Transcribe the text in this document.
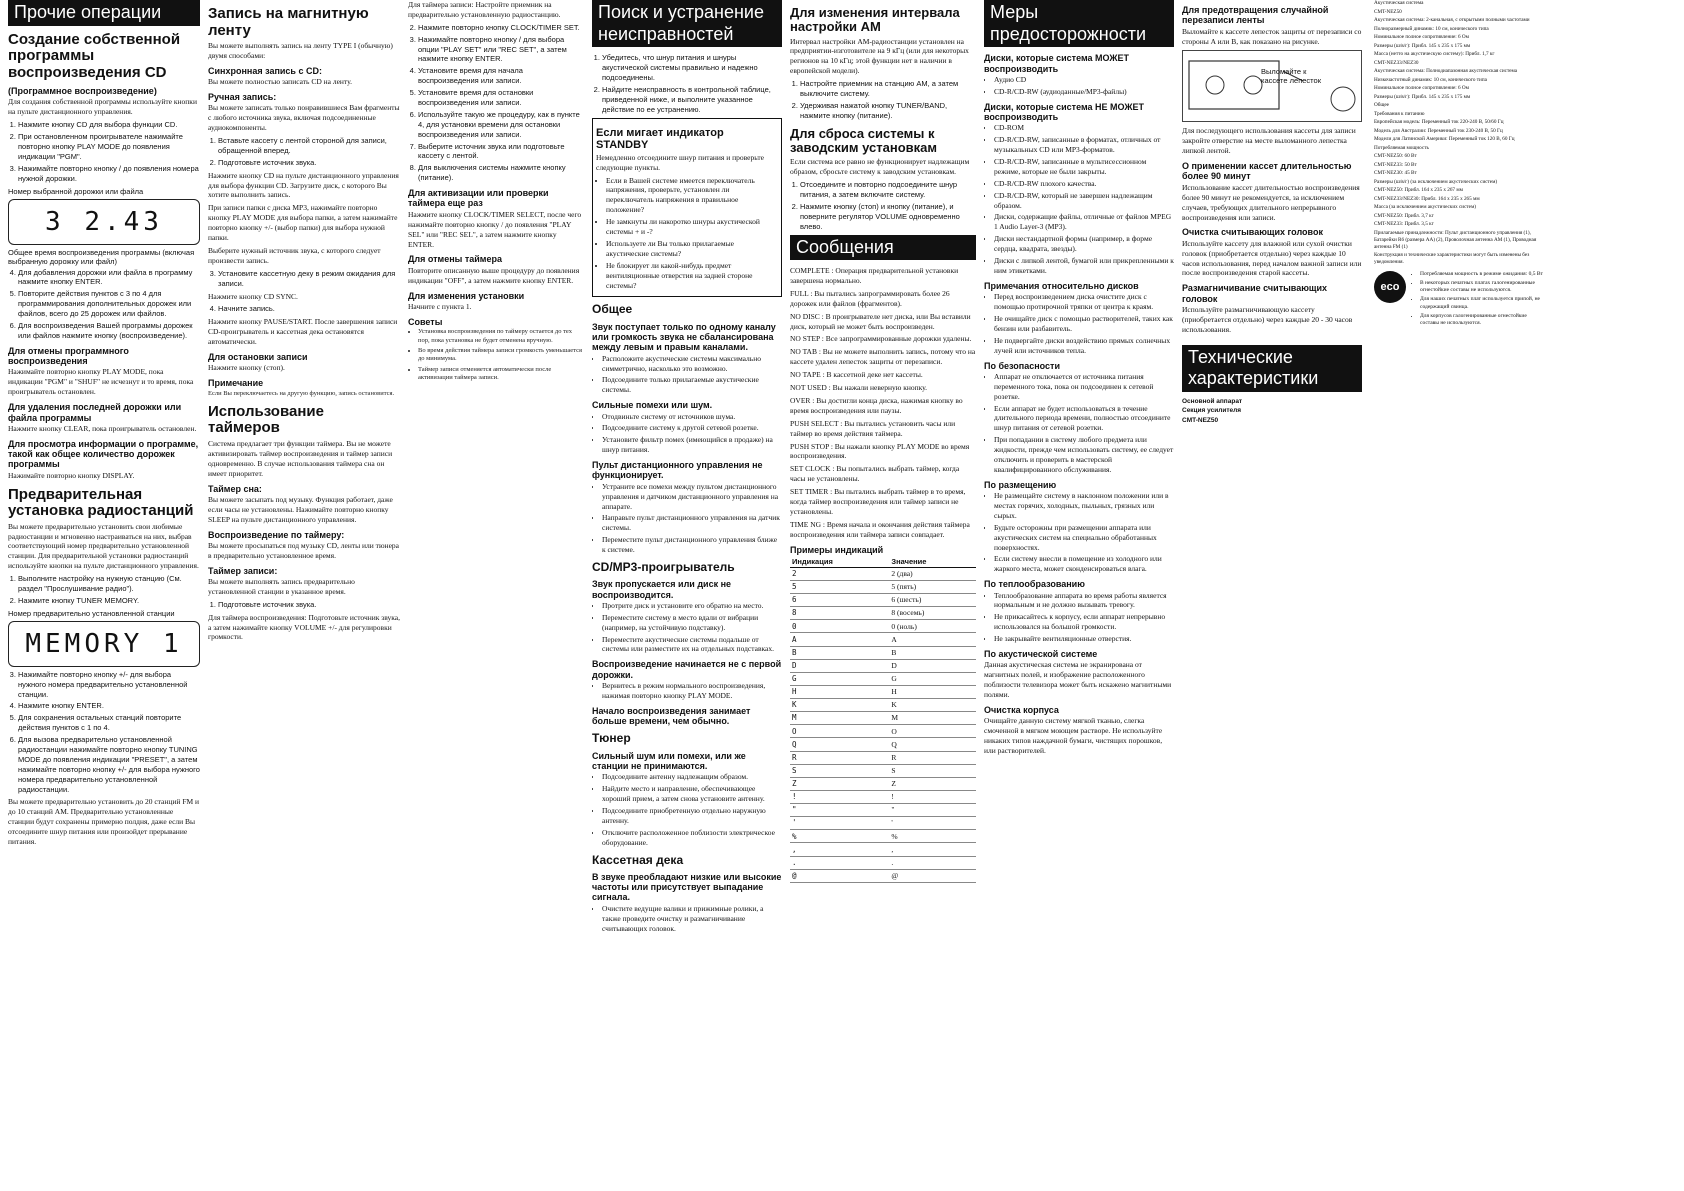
Прочие операции
Создание собственной программы воспроизведения CD
(Программное воспроизведение)

Для создания собственной программы используйте кнопки на пульте дистанционного управления.

1. Нажмите кнопку CD для выбора функции CD.
2. При остановленном проигрывателе нажимайте повторно кнопку PLAY MODE до появления индикации "PGM".
3. Нажимайте повторно кнопку / до появления номера нужной дорожки.
Номер выбранной дорожки или файла
3 2.43
Общее время воспроизведения программы (включая выбранную дорожку или файл)
4. Для добавления дорожки или файла в программу нажмите кнопку ENTER.
5. Повторите действия пунктов с 3 по 4 для программирования дополнительных дорожек или файлов, всего до 25 дорожек или файлов.
6. Для воспроизведения Вашей программы дорожек или файлов нажмите кнопку (воспроизведение).
Для отмены программного воспроизведения

Нажимайте повторно кнопку PLAY MODE, пока индикации "PGM" и "SHUF" не исчезнут и то время, пока проигрыватель остановлен.

Для удаления последней дорожки или файла программы

Нажмите кнопку CLEAR, пока проигрыватель остановлен.

Для просмотра информации о программе, такой как общее количество дорожек программы

Нажимайте повторно кнопку DISPLAY.

Предварительная установка радиостанций

Вы можете предварительно установить свои любимые радиостанции и мгновенно настраиваться на них, выбрав соответствующий номер предварительно установленной станции. Для предварительной установки радиостанций используйте кнопки на пульте дистанционного управления.

1. Выполните настройку на нужную станцию (См. раздел "Прослушивание радио").
2. Нажмите кнопку TUNER MEMORY.
Номер предварительно установленной станции
MEMORY 1
3. Нажимайте повторно кнопку +/- для выбора нужного номера предварительно установленной станции.
4. Нажмите кнопку ENTER.
5. Для сохранения остальных станций повторите действия пунктов с 1 по 4.
6. Для вызова предварительно установленной радиостанции нажимайте повторно кнопку TUNING MODE до появления индикации "PRESET", а затем нажимайте повторно кнопку +/- для выбора нужного номера предварительно установленной радиостанции.

Вы можете предварительно установить до 20 станций FM и до 10 станций AM. Предварительно установленные станции будут сохранены примерно полдня, даже если Вы отсоедините шнур питания или произойдет прерывание питания.

Запись на магнитную ленту

Вы можете выполнять запись на ленту TYPE I (обычную) двумя способами:

Синхронная запись с CD:

Вы можете полностью записать CD на ленту.

Ручная запись:

Вы можете записать только понравившиеся Вам фрагменты с любого источника звука, включая подсоединенные аудиокомпоненты.

1. Вставьте кассету с лентой стороной для записи, обращенной вперед.
2. Подготовьте источник звука.

Нажмите кнопку CD на пульте дистанционного управления для выбора функции CD. Загрузите диск, с которого Вы хотите выполнить запись.

При записи папки с диска MP3, нажимайте повторно кнопку PLAY MODE для выбора папки, а затем нажимайте повторно кнопку +/- (выбор папки) для выбора нужной папки.

Выберите нужный источник звука, с которого следует произвести запись.

3. Установите кассетную деку в режим ожидания для записи.

Нажмите кнопку CD SYNC.

4. Начните запись.

Нажмите кнопку PAUSE/START. После завершения записи CD-проигрыватель и кассетная дека остановятся автоматически.

Для остановки записи

Нажмите кнопку (стоп).

Примечание

Если Вы переключаетесь на другую функцию, запись остановится.

Использование таймеров

Система предлагает три функции таймера. Вы не можете активизировать таймер воспроизведения и таймер записи одновременно. В случае использования таймера сна он имеет приоритет.

Таймер сна:

Вы можете засыпать под музыку. Функция работает, даже если часы не установлены. Нажимайте повторно кнопку SLEEP на пульте дистанционного управления.

Воспроизведение по таймеру:

Вы можете просыпаться под музыку CD, ленты или тюнера в предварительно установленное время.

Таймер записи:

Вы можете выполнять запись предварительно установленной станции в указанное время.

1. Подготовьте источник звука.

Для таймера воспроизведения: Подготовьте источник звука, а затем нажимайте кнопку VOLUME +/- для регулировки громкости.

Для таймера записи: Настройте приемник на предварительно установленную радиостанцию.

2. Нажмите повторно кнопку CLOCK/TIMER SET.
3. Нажимайте повторно кнопку / для выбора опции "PLAY SET" или "REC SET", а затем нажмите кнопку ENTER.
4. Установите время для начала воспроизведения или записи.
5. Установите время для остановки воспроизведения или записи.
6. Используйте такую же процедуру, как в пункте 4, для установки времени для остановки воспроизведения или записи.
7. Выберите источник звука или подготовьте кассету с лентой.
8. Для выключения системы нажмите кнопку (питание).
Для активизации или проверки таймера еще раз

Нажмите кнопку CLOCK/TIMER SELECT, после чего нажимайте повторно кнопку / до появления "PLAY SEL" или "REC SEL", а затем нажмите кнопку ENTER.

Для отмены таймера

Повторите описанную выше процедуру до появления индикации "OFF", а затем нажмите кнопку ENTER.

Для изменения установки

Начните с пункта 1.

Советы
• Установка воспроизведения по таймеру остается до тех пор, пока установка не будет отменена вручную.
• Во время действия таймера записи громкость уменьшается до минимума.
• Таймер записи отменяется автоматически после активизации таймера записи.
Поиск и устранение неисправностей
1. Убедитесь, что шнур питания и шнуры акустической системы правильно и надежно подсоединены.
2. Найдите неисправность в контрольной таблице, приведенной ниже, и выполните указанное действие по ее устранению.
Если мигает индикатор STANDBY

Немедленно отсоедините шнур питания и проверьте следующие пункты.

• Если в Вашей системе имеется переключатель напряжения, проверьте, установлен ли переключатель напряжения в правильное положение?
• Не замкнуты ли накоротко шнуры акустической системы + и -?
• Используете ли Вы только прилагаемые акустические системы?
• Не блокирует ли какой-нибудь предмет вентиляционные отверстия на задней стороне системы?
Общее
Звук поступает только по одному каналу или громкость звука не сбалансирована между левым и правым каналами.
• Расположите акустические системы максимально симметрично, насколько это возможно.
• Подсоедините только прилагаемые акустические системы.
Сильные помехи или шум.
• Отодвиньте систему от источников шума.
• Подсоедините систему к другой сетевой розетке.
• Установите фильтр помех (имеющийся в продаже) на шнур питания.
Пульт дистанционного управления не функционирует.
• Устраните все помехи между пультом дистанционного управления и датчиком дистанционного управления на аппарате.
• Направьте пульт дистанционного управления на датчик системы.
• Переместите пульт дистанционного управления ближе к системе.
CD/MP3-проигрыватель
Звук пропускается или диск не воспроизводится.
• Протрите диск и установите его обратно на место.
• Переместите систему в место вдали от вибрации (например, на устойчивую подставку).
• Переместите акустические системы подальше от системы или разместите их на отдельных подставках.
Воспроизведение начинается не с первой дорожки.
• Вернитесь в режим нормального воспроизведения, нажимая повторно кнопку PLAY MODE.
Начало воспроизведения занимает больше времени, чем обычно.
Тюнер
Сильный шум или помехи, или же станции не принимаются.
• Подсоедините антенну надлежащим образом.
• Найдите место и направление, обеспечивающее хороший прием, а затем снова установите антенну.
• Подсоедините приобретенную отдельно наружную антенну.
• Отключите расположенное поблизости электрическое оборудование.
Кассетная дека
В звуке преобладают низкие или высокие частоты или присутствует выпадание сигнала.
• Очистите ведущие валики и прижимные ролики, а также проведите очистку и размагничивание считывающих головок.
Для изменения интервала настройки AM

Интервал настройки AM-радиостанции установлен на предприятии-изготовителе на 9 кГц (или для некоторых регионов на 10 кГц; этой функции нет в наличии в европейской модели).

1. Настройте приемник на станцию AM, а затем выключите систему.
2. Удерживая нажатой кнопку TUNER/BAND, нажмите кнопку (питание).
Для сброса системы к заводским установкам

Если система все равно не функционирует надлежащим образом, сбросьте систему к заводским установкам.

1. Отсоедините и повторно подсоедините шнур питания, а затем включите систему.
2. Нажмите кнопку (стоп) и кнопку (питание), и поверните регулятор VOLUME одновременно влево.
Сообщения

COMPLETE : Операция предварительной установки завершена нормально.

FULL : Вы пытались запрограммировать более 26 дорожек или файлов (фрагментов).

NO DISC : В проигрывателе нет диска, или Вы вставили диск, который не может быть воспроизведен.

NO STEP : Все запрограммированные дорожки удалены.

NO TAB : Вы не можете выполнить запись, потому что на кассете удален лепесток защиты от перезаписи.

NO TAPE : В кассетной деке нет кассеты.

NOT USED : Вы нажали неверную кнопку.

OVER : Вы достигли конца диска, нажимая кнопку во время воспроизведения или паузы.

PUSH SELECT : Вы пытались установить часы или таймер во время действия таймера.

PUSH STOP : Вы нажали кнопку PLAY MODE во время воспроизведения.

SET CLOCK : Вы попытались выбрать таймер, когда часы не установлены.

SET TIMER : Вы пытались выбрать таймер в то время, когда таймер воспроизведения или таймер записи не установлены.

TIME NG : Время начала и окончания действия таймера воспроизведения или таймера записи совпадает.

Примеры индикаций
Индикация	Значение
2	2 (два)
5	5 (пять)
6	6 (шесть)
8	8 (восемь)
0	0 (ноль)
A	A
B	B
D	D
G	G
H	H
K	K
M	M
O	O
Q	Q
R	R
S	S
Z	Z
!	!
"	"
'	'
%	%
,	,
.	.
@	@
Меры предосторожности
Диски, которые система МОЖЕТ воспроизводить
• Аудио CD
• CD-R/CD-RW (аудиоданные/MP3-файлы)
Диски, которые система НЕ МОЖЕТ воспроизводить
• CD-ROM
• CD-R/CD-RW, записанные в форматах, отличных от музыкальных CD или MP3-форматов.
• CD-R/CD-RW, записанные в мультисессионном режиме, которые не были закрыты.
• CD-R/CD-RW плохого качества.
• CD-R/CD-RW, который не завершен надлежащим образом.
• Диски, содержащие файлы, отличные от файлов MPEG 1 Audio Layer-3 (MP3).
• Диски нестандартной формы (например, в форме сердца, квадрата, звезды).
• Диски с липкой лентой, бумагой или прикрепленными к ним этикетками.
Примечания относительно дисков
• Перед воспроизведением диска очистите диск с помощью протирочной тряпки от центра к краям.
• Не очищайте диск с помощью растворителей, таких как бензин или разбавитель.
• Не подвергайте диски воздействию прямых солнечных лучей или источников тепла.
По безопасности
• Аппарат не отключается от источника питания переменного тока, пока он подсоединен к сетевой розетке.
• Если аппарат не будет использоваться в течение длительного периода времени, полностью отсоедините шнур питания от сетевой розетки.
• При попадании в систему любого предмета или жидкости, прежде чем использовать систему, ее следует отключить и проверить в мастерской квалифицированного обслуживания.
По размещению
• Не размещайте систему в наклонном положении или в местах горячих, холодных, пыльных, грязных или сырых.
• Будьте осторожны при размещении аппарата или акустических систем на специально обработанных поверхностях.
• Если систему внесли в помещение из холодного или жаркого места, может сконденсироваться влага.
По теплообразованию
• Теплообразование аппарата во время работы является нормальным и не должно вызывать тревогу.
• Не прикасайтесь к корпусу, если аппарат непрерывно использовался на большой громкости.
• Не закрывайте вентиляционные отверстия.
По акустической системе

Данная акустическая система не экранирована от магнитных полей, и изображение расположенного поблизости телевизора может быть искажено магнитными полями.

Очистка корпуса

Очищайте данную систему мягкой тканью, слегка смоченной в мягком моющем растворе. Не используйте никаких типов наждачной бумаги, чистящих порошков, или растворителей.

Для предотвращения случайной перезаписи ленты

Выломайте к кассете лепесток защиты от перезаписи со стороны A или B, как показано на рисунке.

Выломайте к кассете лепесток

Для последующего использования кассеты для записи закройте отверстие на месте выломанного лепестка липкой лентой.

О применении кассет длительностью более 90 минут

Использование кассет длительностью воспроизведения более 90 минут не рекомендуется, за исключением случаев, требующих длительного непрерывного воспроизведения или записи.

Очистка считывающих головок

Используйте кассету для влажной или сухой очистки головок (приобретается отдельно) через каждые 10 часов использования, перед началом важной записи или после воспроизведения старой кассеты.

Размагничивание считывающих головок

Используйте размагничивающую кассету (приобретается отдельно) через каждые 20 - 30 часов использования.

Технические характеристики
Основной аппарат
Секция усилителя
CMT-NEZ50

Акустическая система

CMT-NEZ50

Акустическая система: 2-канальная, с открытыми полными частотами

Полноразмерный динамик: 10 см, конического типа

Номинальное полное сопротивление: 6 Ом

Размеры (ш/в/г): Прибл. 145 x 235 x 175 мм

Масса (нетто на акустическую систему): Прибл. 1,7 кг

CMT-NEZ33/NEZ30

Акустическая система: Полнодиапазонная акустическая система

Низкочастотный динамик: 10 см, конического типа

Номинальное полное сопротивление: 6 Ом

Размеры (ш/в/г): Прибл. 145 x 235 x 175 мм

Общее

Требования к питанию

Европейская модель: Переменный ток 220-240 В, 50/60 Гц

Модель для Австралии: Переменный ток 230-240 В, 50 Гц

Модели для Латинской Америки: Переменный ток 120 В, 60 Гц

Потребляемая мощность

CMT-NEZ50: 60 Вт

CMT-NEZ33: 50 Вт

CMT-NEZ30: 45 Вт

Размеры (ш/в/г) (за исключением акустических систем)

CMT-NEZ50: Прибл. 164 x 235 x 267 мм

CMT-NEZ33/NEZ30: Прибл. 164 x 235 x 265 мм

Масса (за исключением акустических систем)

CMT-NEZ50: Прибл. 3,7 кг

CMT-NEZ33: Прибл. 3,5 кг

Прилагаемые принадлежности: Пульт дистанционного управления (1), Батарейки R6 (размера AA) (2), Проволочная антенна AM (1), Проводная антенна FM (1)

Конструкция и технические характеристики могут быть изменены без уведомления.

eco
• Потребляемая мощность в режиме ожидания: 0,5 Вт
• В некоторых печатных платах галогенированные огнестойкие составы не используются.
• Для наших печатных плат используется припой, не содержащий свинца.
• Для корпусов галогенированные огнестойкие составы не используются.
